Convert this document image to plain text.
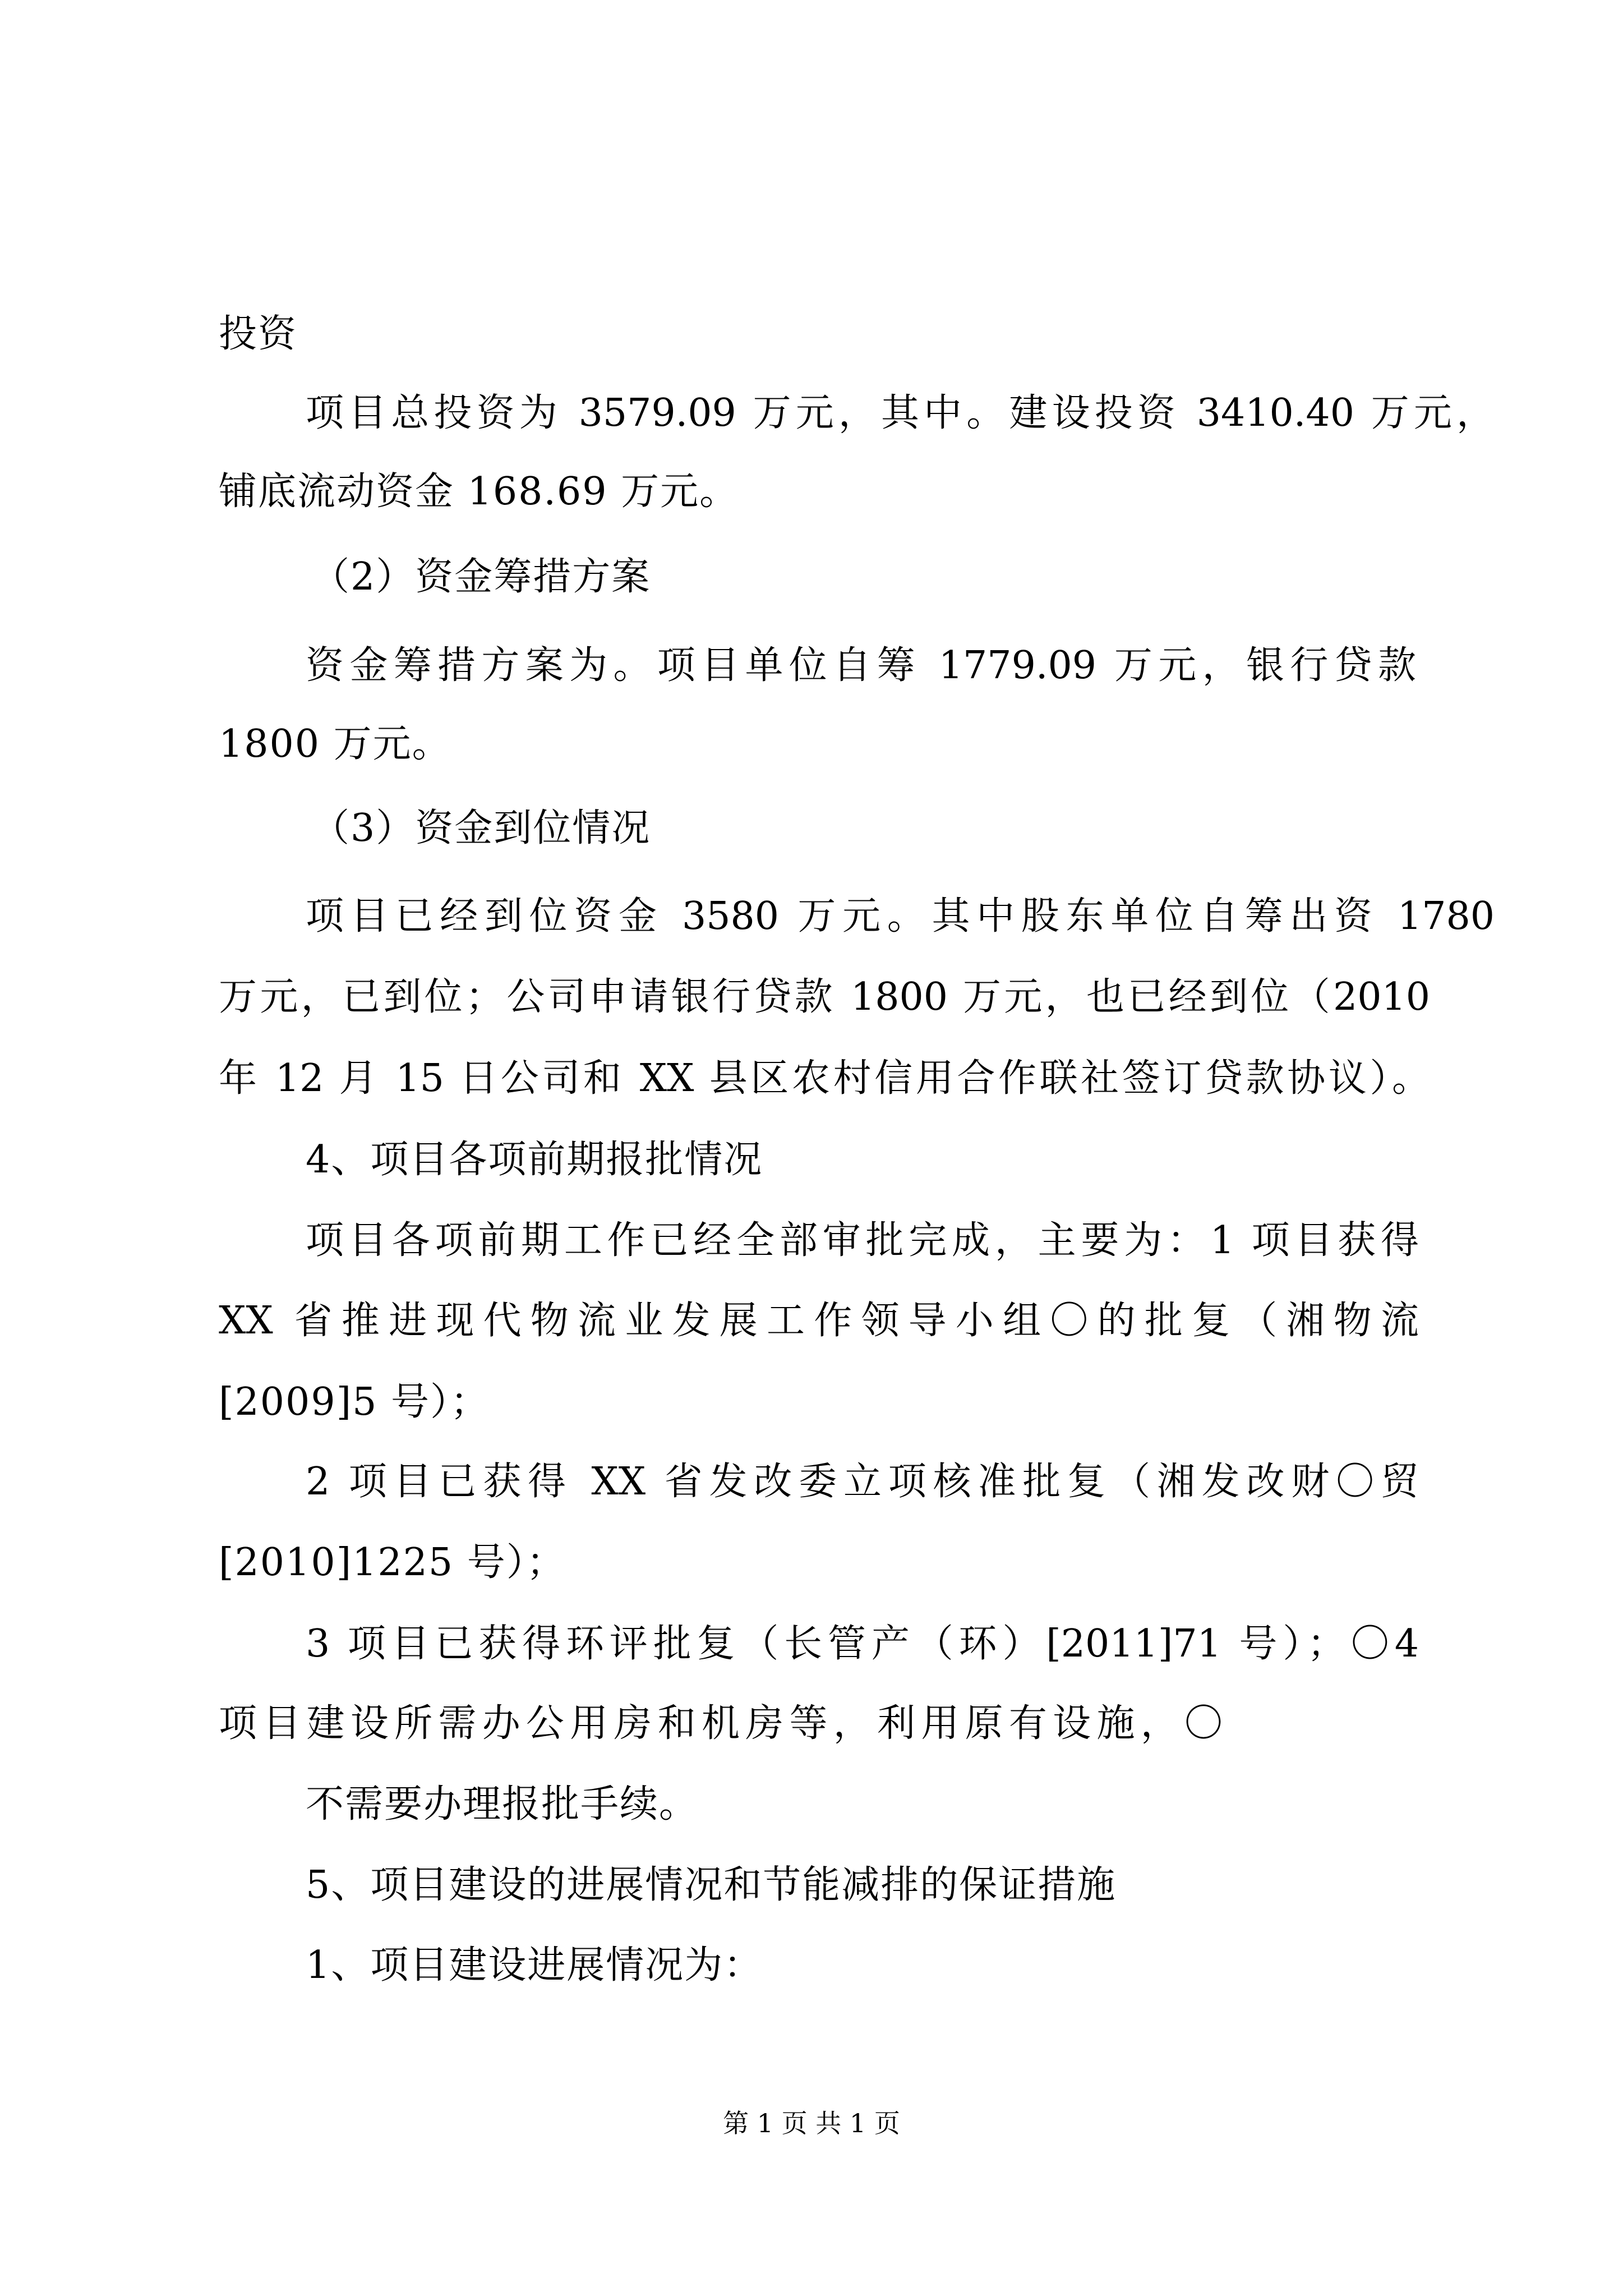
投资

项目总投资为 3579.09 万元，其中。建设投资 3410.40 万元，

铺底流动资金 168.69 万元。

（2）资金筹措方案

资金筹措方案为。项目单位自筹 1779.09 万元，银行贷款

1800 万元。

（3）资金到位情况

项目已经到位资金 3580 万元。其中股东单位自筹出资 1780

万元，已到位；公司申请银行贷款 1800 万元，也已经到位（2010

年 12 月 15 日公司和 XX 县区农村信用合作联社签订贷款协议）。

4、项目各项前期报批情况

项目各项前期工作已经全部审批完成，主要为：1 项目获得

XX 省推进现代物流业发展工作领导小组〇的批复（湘物流

[2009]5 号）；

2 项目已获得 XX 省发改委立项核准批复（湘发改财〇贸

[2010]1225 号）；

3 项目已获得环评批复（长管产（环）[2011]71 号）；〇4

项目建设所需办公用房和机房等，利用原有设施，〇

不需要办理报批手续。

5、项目建设的进展情况和节能减排的保证措施

1、项目建设进展情况为：

第 1 页 共 1 页
